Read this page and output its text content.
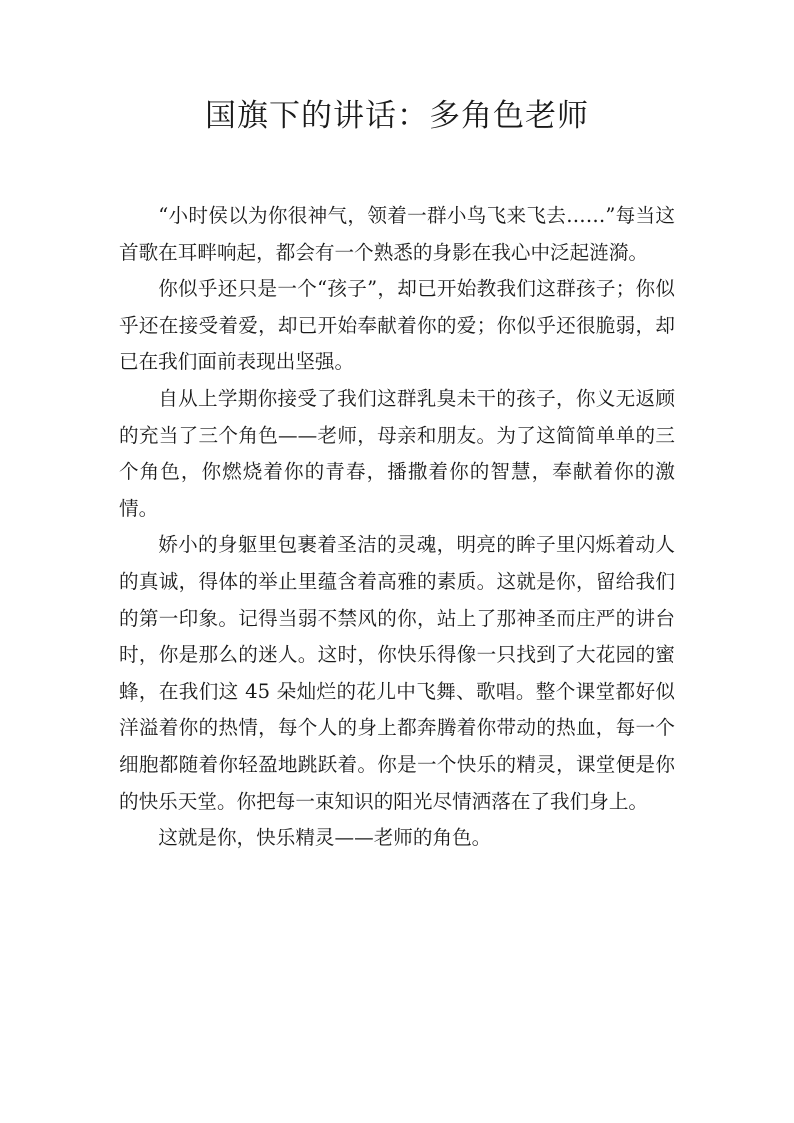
国旗下的讲话：多角色老师

“小时侯以为你很神气，领着一群小鸟飞来飞去……”每当这首歌在耳畔响起，都会有一个熟悉的身影在我心中泛起涟漪。

你似乎还只是一个“孩子”，却已开始教我们这群孩子；你似乎还在接受着爱，却已开始奉献着你的爱；你似乎还很脆弱，却已在我们面前表现出坚强。

自从上学期你接受了我们这群乳臭未干的孩子，你义无返顾的充当了三个角色——老师，母亲和朋友。为了这简简单单的三个角色，你燃烧着你的青春，播撒着你的智慧，奉献着你的激情。

娇小的身躯里包裹着圣洁的灵魂，明亮的眸子里闪烁着动人的真诚，得体的举止里蕴含着高雅的素质。这就是你，留给我们的第一印象。记得当弱不禁风的你，站上了那神圣而庄严的讲台时，你是那么的迷人。这时，你快乐得像一只找到了大花园的蜜蜂，在我们这 45 朵灿烂的花儿中飞舞、歌唱。整个课堂都好似洋溢着你的热情，每个人的身上都奔腾着你带动的热血，每一个细胞都随着你轻盈地跳跃着。你是一个快乐的精灵，课堂便是你的快乐天堂。你把每一束知识的阳光尽情洒落在了我们身上。

这就是你，快乐精灵——老师的角色。
